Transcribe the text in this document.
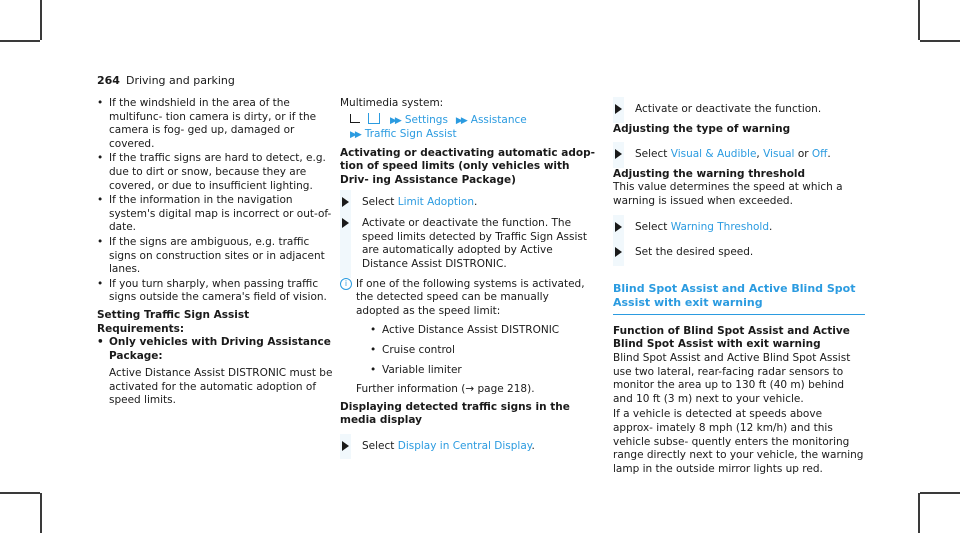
264 Driving and parking
• If the windshield in the area of the multifunc- tion camera is dirty, or if the camera is fog- ged up, damaged or covered.
• If the traffic signs are hard to detect, e.g. due to dirt or snow, because they are covered, or due to insufficient lighting.
• If the information in the navigation system's digital map is incorrect or out-of-date.
• If the signs are ambiguous, e.g. traffic signs on construction sites or in adjacent lanes.
• If you turn sharply, when passing traffic signs outside the camera's field of vision.
Setting Traffic Sign Assist
Requirements:
• Only vehicles with Driving Assistance Package:

Active Distance Assist DISTRONIC must be activated for the automatic adoption of speed limits.

Multimedia system:

▶▶ Settings ▶▶ Assistance

▶▶ Traffic Sign Assist

Activating or deactivating automatic adop- tion of speed limits (only vehicles with Driv- ing Assistance Package)
Select Limit Adoption.
Activate or deactivate the function. The speed limits detected by Traffic Sign Assist are automatically adopted by Active Distance Assist DISTRONIC.
i If one of the following systems is activated, the detected speed can be manually adopted as the speed limit:
• Active Distance Assist DISTRONIC
• Cruise control
• Variable limiter

Further information (→ page 218).

Displaying detected traffic signs in the media display
Select Display in Central Display.
Activate or deactivate the function.
Adjusting the type of warning
Select Visual & Audible, Visual or Off.
Adjusting the warning threshold

This value determines the speed at which a warning is issued when exceeded.

Select Warning Threshold.
Set the desired speed.
Blind Spot Assist and Active Blind Spot Assist with exit warning
Function of Blind Spot Assist and Active Blind Spot Assist with exit warning

Blind Spot Assist and Active Blind Spot Assist use two lateral, rear-facing radar sensors to monitor the area up to 130 ft (40 m) behind and 10 ft (3 m) next to your vehicle.

If a vehicle is detected at speeds above approx- imately 8 mph (12 km/h) and this vehicle subse- quently enters the monitoring range directly next to your vehicle, the warning lamp in the outside mirror lights up red.
